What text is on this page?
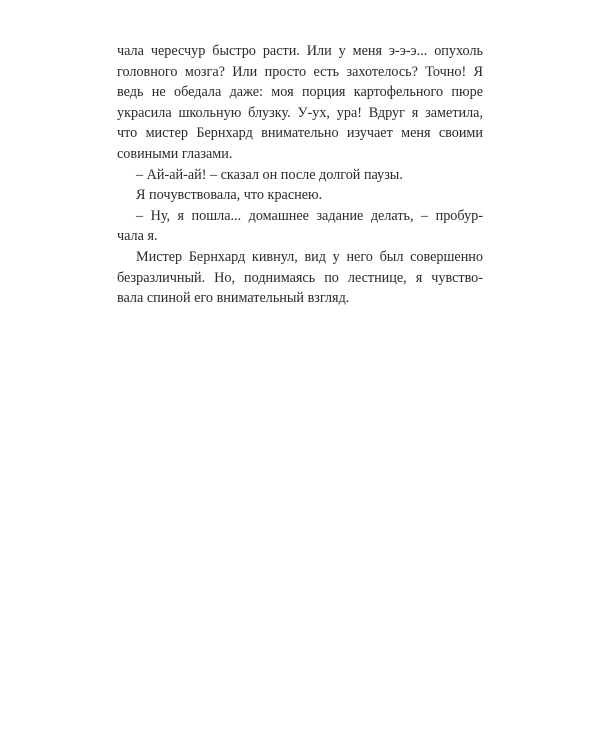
чала чересчур быстро расти. Или у меня э-э-э... опухоль
головного мозга? Или просто есть захотелось? Точно! Я
ведь не обедала даже: моя порция картофельного пюре
украсила школьную блузку. У-ух, ура! Вдруг я заметила,
что мистер Бернхард внимательно изучает меня своими
совиными глазами.
– Ай-ай-ай! – сказал он после долгой паузы.
Я почувствовала, что краснею.
– Ну, я пошла... домашнее задание делать, – пробур-
чала я.
Мистер Бернхард кивнул, вид у него был совершенно
безразличный. Но, поднимаясь по лестнице, я чувство-
вала спиной его внимательный взгляд.
